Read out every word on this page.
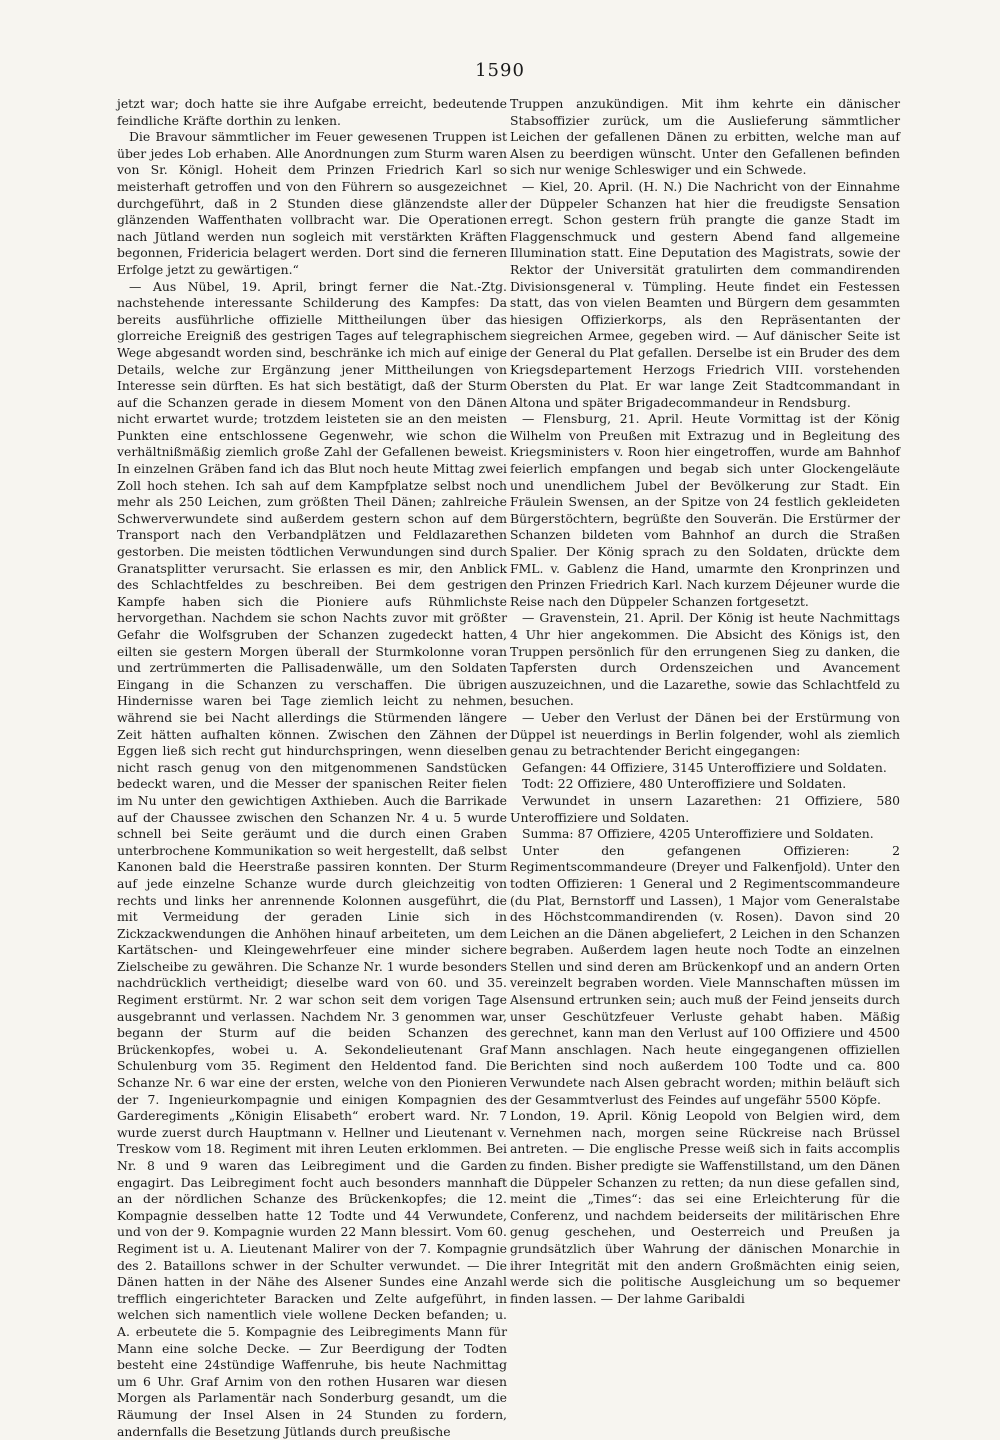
1590

jetzt war; doch hatte sie ihre Aufgabe erreicht, bedeutende feindliche Kräfte dorthin zu lenken.

Die Bravour sämmtlicher im Feuer gewesenen Truppen ist über jedes Lob erhaben. Alle Anordnungen zum Sturm waren von Sr. Königl. Hoheit dem Prinzen Friedrich Karl so meisterhaft getroffen und von den Führern so ausgezeichnet durchgeführt, daß in 2 Stunden diese glänzendste aller glänzenden Waffenthaten vollbracht war. Die Operationen nach Jütland werden nun sogleich mit verstärkten Kräften begonnen, Fridericia belagert werden. Dort sind die ferneren Erfolge jetzt zu gewärtigen.“

— Aus Nübel, 19. April, bringt ferner die Nat.-Ztg. nachstehende interessante Schilderung des Kampfes: Da bereits ausführliche offizielle Mittheilungen über das glorreiche Ereigniß des gestrigen Tages auf telegraphischem Wege abgesandt worden sind, beschränke ich mich auf einige Details, welche zur Ergänzung jener Mittheilungen von Interesse sein dürften. Es hat sich bestätigt, daß der Sturm auf die Schanzen gerade in diesem Moment von den Dänen nicht erwartet wurde; trotzdem leisteten sie an den meisten Punkten eine entschlossene Gegenwehr, wie schon die verhältnißmäßig ziemlich große Zahl der Gefallenen beweist. In einzelnen Gräben fand ich das Blut noch heute Mittag zwei Zoll hoch stehen. Ich sah auf dem Kampfplatze selbst noch mehr als 250 Leichen, zum größten Theil Dänen; zahlreiche Schwerverwundete sind außerdem gestern schon auf dem Transport nach den Verbandplätzen und Feldlazarethen gestorben. Die meisten tödtlichen Verwundungen sind durch Granatsplitter verursacht. Sie erlassen es mir, den Anblick des Schlachtfeldes zu beschreiben. Bei dem gestrigen Kampfe haben sich die Pioniere aufs Rühmlichste hervorgethan. Nachdem sie schon Nachts zuvor mit größter Gefahr die Wolfsgruben der Schanzen zugedeckt hatten, eilten sie gestern Morgen überall der Sturmkolonne voran und zertrümmerten die Pallisadenwälle, um den Soldaten Eingang in die Schanzen zu verschaffen. Die übrigen Hindernisse waren bei Tage ziemlich leicht zu nehmen, während sie bei Nacht allerdings die Stürmenden längere Zeit hätten aufhalten können. Zwischen den Zähnen der Eggen ließ sich recht gut hindurchspringen, wenn dieselben nicht rasch genug von den mitgenommenen Sandstücken bedeckt waren, und die Messer der spanischen Reiter fielen im Nu unter den gewichtigen Axthieben. Auch die Barrikade auf der Chaussee zwischen den Schanzen Nr. 4 u. 5 wurde schnell bei Seite geräumt und die durch einen Graben unterbrochene Kommunikation so weit hergestellt, daß selbst Kanonen bald die Heerstraße passiren konnten. Der Sturm auf jede einzelne Schanze wurde durch gleichzeitig von rechts und links her anrennende Kolonnen ausgeführt, die mit Vermeidung der geraden Linie sich in Zickzackwendungen die Anhöhen hinauf arbeiteten, um dem Kartätschen- und Kleingewehrfeuer eine minder sichere Zielscheibe zu gewähren. Die Schanze Nr. 1 wurde besonders nachdrücklich vertheidigt; dieselbe ward von 60. und 35. Regiment erstürmt. Nr. 2 war schon seit dem vorigen Tage ausgebrannt und verlassen. Nachdem Nr. 3 genommen war, begann der Sturm auf die beiden Schanzen des Brückenkopfes, wobei u. A. Sekondelieutenant Graf Schulenburg vom 35. Regiment den Heldentod fand. Die Schanze Nr. 6 war eine der ersten, welche von den Pionieren der 7. Ingenieurkompagnie und einigen Kompagnien des Garderegiments „Königin Elisabeth“ erobert ward. Nr. 7 wurde zuerst durch Hauptmann v. Hellner und Lieutenant v. Treskow vom 18. Regiment mit ihren Leuten erklommen. Bei Nr. 8 und 9 waren das Leibregiment und die Garden engagirt. Das Leibregiment focht auch besonders mannhaft an der nördlichen Schanze des Brückenkopfes; die 12. Kompagnie desselben hatte 12 Todte und 44 Verwundete, und von der 9. Kompagnie wurden 22 Mann blessirt. Vom 60. Regiment ist u. A. Lieutenant Malirer von der 7. Kompagnie des 2. Bataillons schwer in der Schulter verwundet. — Die Dänen hatten in der Nähe des Alsener Sundes eine Anzahl trefflich eingerichteter Baracken und Zelte aufgeführt, in welchen sich namentlich viele wollene Decken befanden; u. A. erbeutete die 5. Kompagnie des Leibregiments Mann für Mann eine solche Decke. — Zur Beerdigung der Todten besteht eine 24stündige Waffenruhe, bis heute Nachmittag um 6 Uhr. Graf Arnim von den rothen Husaren war diesen Morgen als Parlamentär nach Sonderburg gesandt, um die Räumung der Insel Alsen in 24 Stunden zu fordern, andernfalls die Besetzung Jütlands durch preußische

Truppen anzukündigen. Mit ihm kehrte ein dänischer Stabsoffizier zurück, um die Auslieferung sämmtlicher Leichen der gefallenen Dänen zu erbitten, welche man auf Alsen zu beerdigen wünscht. Unter den Gefallenen befinden sich nur wenige Schleswiger und ein Schwede.

— Kiel, 20. April. (H. N.) Die Nachricht von der Einnahme der Düppeler Schanzen hat hier die freudigste Sensation erregt. Schon gestern früh prangte die ganze Stadt im Flaggenschmuck und gestern Abend fand allgemeine Illumination statt. Eine Deputation des Magistrats, sowie der Rektor der Universität gratulirten dem commandirenden Divisionsgeneral v. Tümpling. Heute findet ein Festessen statt, das von vielen Beamten und Bürgern dem gesammten hiesigen Offizierkorps, als den Repräsentanten der siegreichen Armee, gegeben wird. — Auf dänischer Seite ist der General du Plat gefallen. Derselbe ist ein Bruder des dem Kriegsdepartement Herzogs Friedrich VIII. vorstehenden Obersten du Plat. Er war lange Zeit Stadtcommandant in Altona und später Brigadecommandeur in Rendsburg.

— Flensburg, 21. April. Heute Vormittag ist der König Wilhelm von Preußen mit Extrazug und in Begleitung des Kriegsministers v. Roon hier eingetroffen, wurde am Bahnhof feierlich empfangen und begab sich unter Glockengeläute und unendlichem Jubel der Bevölkerung zur Stadt. Ein Fräulein Swensen, an der Spitze von 24 festlich gekleideten Bürgerstöchtern, begrüßte den Souverän. Die Erstürmer der Schanzen bildeten vom Bahnhof an durch die Straßen Spalier. Der König sprach zu den Soldaten, drückte dem FML. v. Gablenz die Hand, umarmte den Kronprinzen und den Prinzen Friedrich Karl. Nach kurzem Déjeuner wurde die Reise nach den Düppeler Schanzen fortgesetzt.

— Gravenstein, 21. April. Der König ist heute Nachmittags 4 Uhr hier angekommen. Die Absicht des Königs ist, den Truppen persönlich für den errungenen Sieg zu danken, die Tapfersten durch Ordenszeichen und Avancement auszuzeichnen, und die Lazarethe, sowie das Schlachtfeld zu besuchen.

— Ueber den Verlust der Dänen bei der Erstürmung von Düppel ist neuerdings in Berlin folgender, wohl als ziemlich genau zu betrachtender Bericht eingegangen:

Gefangen: 44 Offiziere, 3145 Unteroffiziere und Soldaten.

Todt: 22 Offiziere, 480 Unteroffiziere und Soldaten.

Verwundet in unsern Lazarethen: 21 Offiziere, 580 Unteroffiziere und Soldaten.

Summa: 87 Offiziere, 4205 Unteroffiziere und Soldaten.

Unter den gefangenen Offizieren: 2 Regimentscommandeure (Dreyer und Falkenfjold). Unter den todten Offizieren: 1 General und 2 Regimentscommandeure (du Plat, Bernstorff und Lassen), 1 Major vom Generalstabe des Höchstcommandirenden (v. Rosen). Davon sind 20 Leichen an die Dänen abgeliefert, 2 Leichen in den Schanzen begraben. Außerdem lagen heute noch Todte an einzelnen Stellen und sind deren am Brückenkopf und an andern Orten vereinzelt begraben worden. Viele Mannschaften müssen im Alsensund ertrunken sein; auch muß der Feind jenseits durch unser Geschützfeuer Verluste gehabt haben. Mäßig gerechnet, kann man den Verlust auf 100 Offiziere und 4500 Mann anschlagen. Nach heute eingegangenen offiziellen Berichten sind noch außerdem 100 Todte und ca. 800 Verwundete nach Alsen gebracht worden; mithin beläuft sich der Gesammtverlust des Feindes auf ungefähr 5500 Köpfe.

London, 19. April. König Leopold von Belgien wird, dem Vernehmen nach, morgen seine Rückreise nach Brüssel antreten. — Die englische Presse weiß sich in faits accomplis zu finden. Bisher predigte sie Waffenstillstand, um den Dänen die Düppeler Schanzen zu retten; da nun diese gefallen sind, meint die „Times“: das sei eine Erleichterung für die Conferenz, und nachdem beiderseits der militärischen Ehre genug geschehen, und Oesterreich und Preußen ja grundsätzlich über Wahrung der dänischen Monarchie in ihrer Integrität mit den andern Großmächten einig seien, werde sich die politische Ausgleichung um so bequemer finden lassen. — Der lahme Garibaldi
